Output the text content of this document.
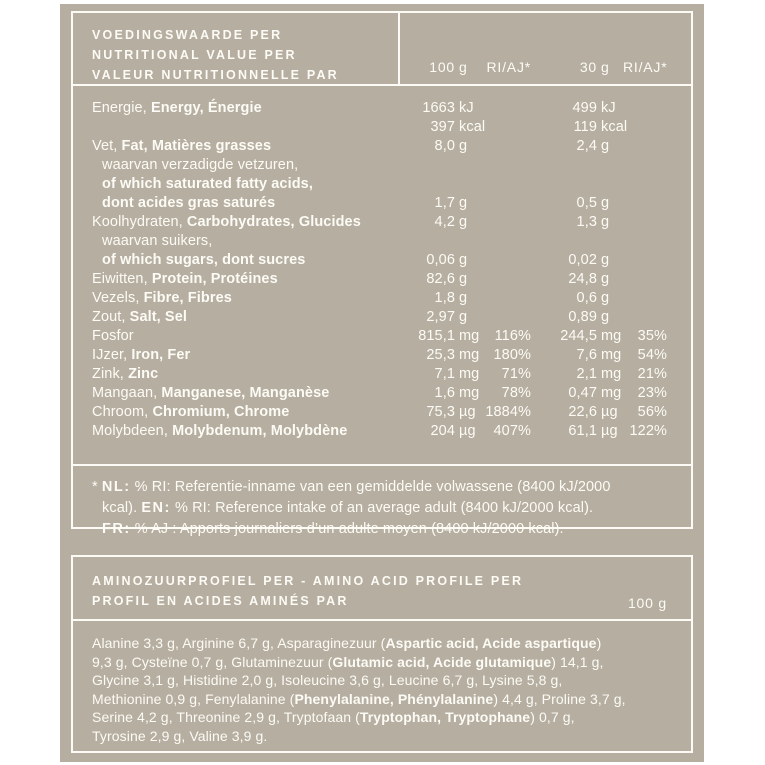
VOEDINGSWAARDE PER
NUTRITIONAL VALUE PER
VALEUR NUTRITIONNELLE PAR	100 g	RI/AJ*	30 g RI/AJ*
Energie, Energy, Énergie	1663 kJ	499 kJ
397 kcal	119 kcal
Vet, Fat, Matières grasses	8,0 g	2,4 g
waarvan verzadigde vetzuren,
of which saturated fatty acids,
dont acides gras saturés	1,7 g	0,5 g
Koolhydraten, Carbohydrates, Glucides	4,2 g	1,3 g
waarvan suikers,
of which sugars, dont sucres	0,06 g	0,02 g
Eiwitten, Protein, Protéines	82,6 g	24,8 g
Vezels, Fibre, Fibres	1,8 g	0,6 g
Zout, Salt, Sel	2,97 g	0,89 g
Fosfor	815,1 mg	116%	244,5 mg	35%
IJzer, Iron, Fer	25,3 mg 180%	7,6 mg	54%
Zink, Zinc	7,1 mg	71%	2,1 mg	21%
Mangaan, Manganese, Manganèse	1,6 mg	78%	0,47 mg	23%
Chroom, Chromium, Chrome	75,3 µg 1884%	22,6 µg	56%
Molybdeen, Molybdenum, Molybdène	204 µg	407%	61,1 µg 122%
* NL: % RI: Referentie-inname van een gemiddelde volwassene (8400 kJ/2000
kcal). EN: % RI: Reference intake of an average adult (8400 kJ/2000 kcal).
FR: % AJ : Apports journaliers d’un adulte moyen (8400 kJ/2000 kcal).
AMINOZUURPROFIEL PER - AMINO ACID PROFILE PER
PROFIL EN ACIDES AMINÉS PAR	100 g
Alanine 3,3 g, Arginine 6,7 g, Asparaginezuur (Aspartic acid, Acide aspartique)
9,3 g, Cysteïne 0,7 g, Glutaminezuur (Glutamic acid, Acide glutamique) 14,1 g,
Glycine 3,1 g, Histidine 2,0 g, Isoleucine 3,6 g, Leucine 6,7 g, Lysine 5,8 g,
Methionine 0,9 g, Fenylalanine (Phenylalanine, Phénylalanine) 4,4 g, Proline 3,7 g,
Serine 4,2 g, Threonine 2,9 g, Tryptofaan (Tryptophan, Tryptophane) 0,7 g,
Tyrosine 2,9 g, Valine 3,9 g.
